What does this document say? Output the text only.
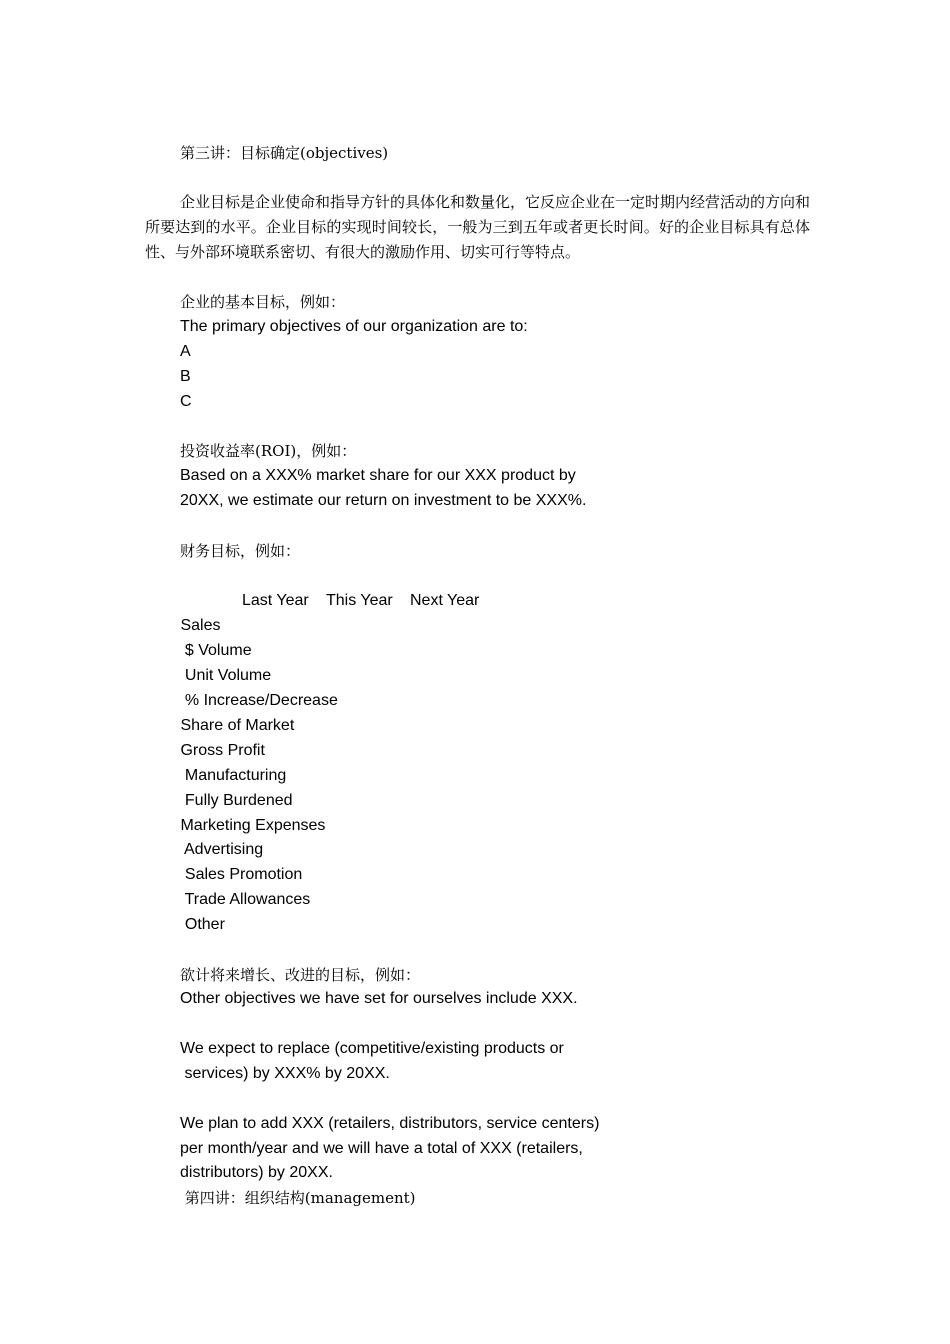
第三讲：目标确定(objectives)
企业目标是企业使命和指导方针的具体化和数量化，它反应企业在一定时期内经营活动的方向和所要达到的水平。企业目标的实现时间较长，一般为三到五年或者更长时间。好的企业目标具有总体性、与外部环境联系密切、有很大的激励作用、切实可行等特点。
企业的基本目标，例如：
The primary objectives of our organization are to:
A
B
C
投资收益率(ROI)，例如：
Based on a XXX% market share for our XXX product by
20XX, we estimate our return on investment to be XXX%.
财务目标，例如：
Last Year This Year Next Year
Sales
$ Volume
Unit Volume
% Increase/Decrease
Share of Market
Gross Profit
Manufacturing
Fully Burdened
Marketing Expenses
Advertising
Sales Promotion
Trade Allowances
Other
欲计将来增长、改进的目标，例如：
Other objectives we have set for ourselves include XXX.
We expect to replace (competitive/existing products or
services) by XXX% by 20XX.
We plan to add XXX (retailers, distributors, service centers)
per month/year and we will have a total of XXX (retailers,
distributors) by 20XX.
第四讲：组织结构(management)
